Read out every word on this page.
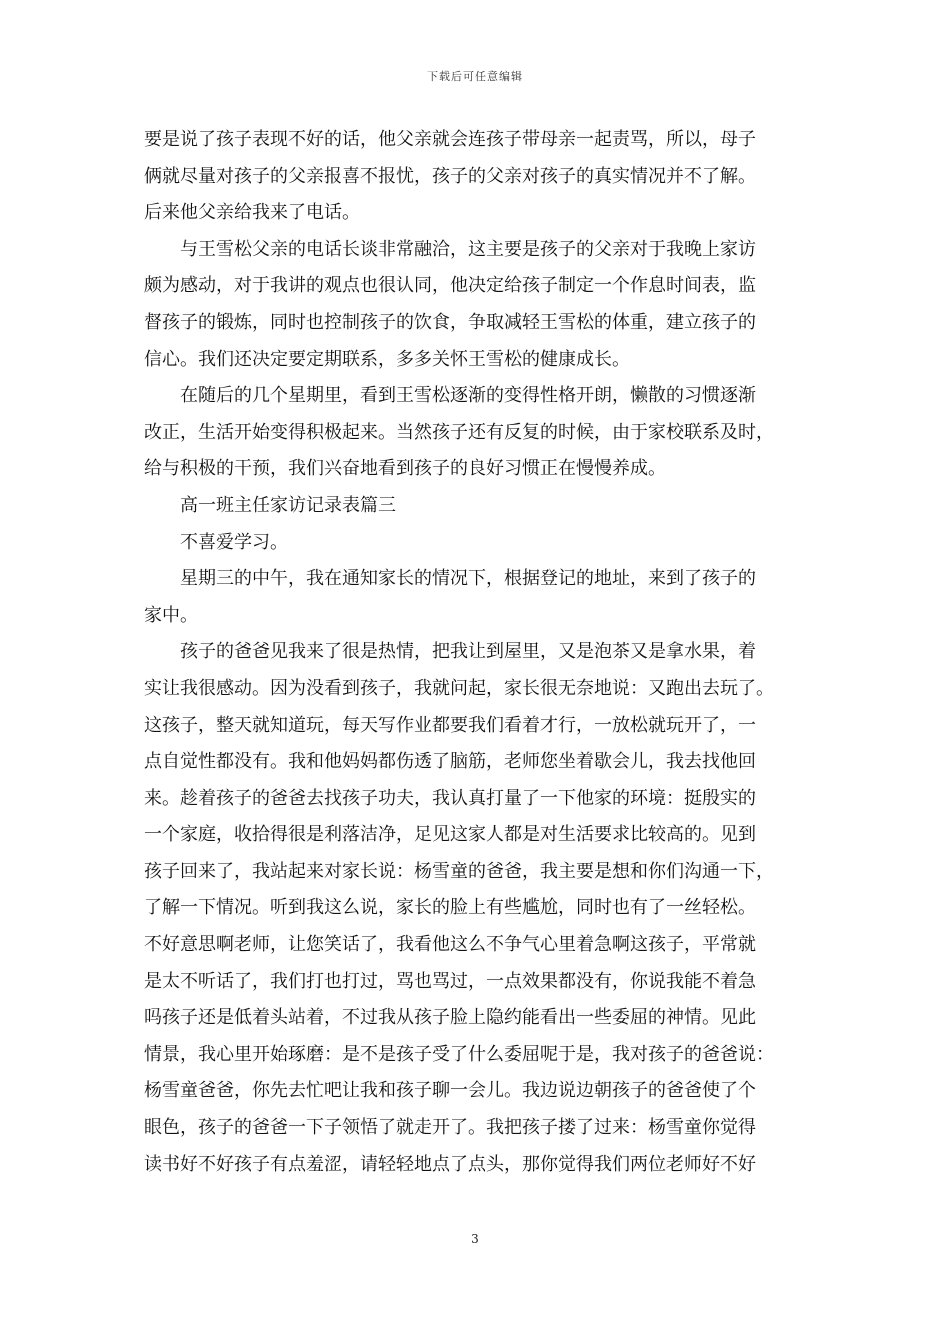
下载后可任意编辑
要是说了孩子表现不好的话，他父亲就会连孩子带母亲一起责骂，所以，母子
俩就尽量对孩子的父亲报喜不报忧，孩子的父亲对孩子的真实情况并不了解。
后来他父亲给我来了电话。
　　与王雪松父亲的电话长谈非常融洽，这主要是孩子的父亲对于我晚上家访
颇为感动，对于我讲的观点也很认同，他决定给孩子制定一个作息时间表，监
督孩子的锻炼，同时也控制孩子的饮食，争取减轻王雪松的体重，建立孩子的
信心。我们还决定要定期联系，多多关怀王雪松的健康成长。
　　在随后的几个星期里，看到王雪松逐渐的变得性格开朗，懒散的习惯逐渐
改正，生活开始变得积极起来。当然孩子还有反复的时候，由于家校联系及时，
给与积极的干预，我们兴奋地看到孩子的良好习惯正在慢慢养成。
　　高一班主任家访记录表篇三
　　不喜爱学习。
　　星期三的中午，我在通知家长的情况下，根据登记的地址，来到了孩子的
家中。
　　孩子的爸爸见我来了很是热情，把我让到屋里，又是泡茶又是拿水果，着
实让我很感动。因为没看到孩子，我就问起，家长很无奈地说：又跑出去玩了。
这孩子，整天就知道玩，每天写作业都要我们看着才行，一放松就玩开了，一
点自觉性都没有。我和他妈妈都伤透了脑筋，老师您坐着歇会儿，我去找他回
来。趁着孩子的爸爸去找孩子功夫，我认真打量了一下他家的环境：挺殷实的
一个家庭，收拾得很是利落洁净，足见这家人都是对生活要求比较高的。见到
孩子回来了，我站起来对家长说：杨雪童的爸爸，我主要是想和你们沟通一下，
了解一下情况。听到我这么说，家长的脸上有些尴尬，同时也有了一丝轻松。
不好意思啊老师，让您笑话了，我看他这么不争气心里着急啊这孩子，平常就
是太不听话了，我们打也打过，骂也骂过，一点效果都没有，你说我能不着急
吗孩子还是低着头站着，不过我从孩子脸上隐约能看出一些委屈的神情。见此
情景，我心里开始琢磨：是不是孩子受了什么委屈呢于是，我对孩子的爸爸说：
杨雪童爸爸，你先去忙吧让我和孩子聊一会儿。我边说边朝孩子的爸爸使了个
眼色，孩子的爸爸一下子领悟了就走开了。我把孩子搂了过来：杨雪童你觉得
读书好不好孩子有点羞涩，请轻轻地点了点头，那你觉得我们两位老师好不好
3
